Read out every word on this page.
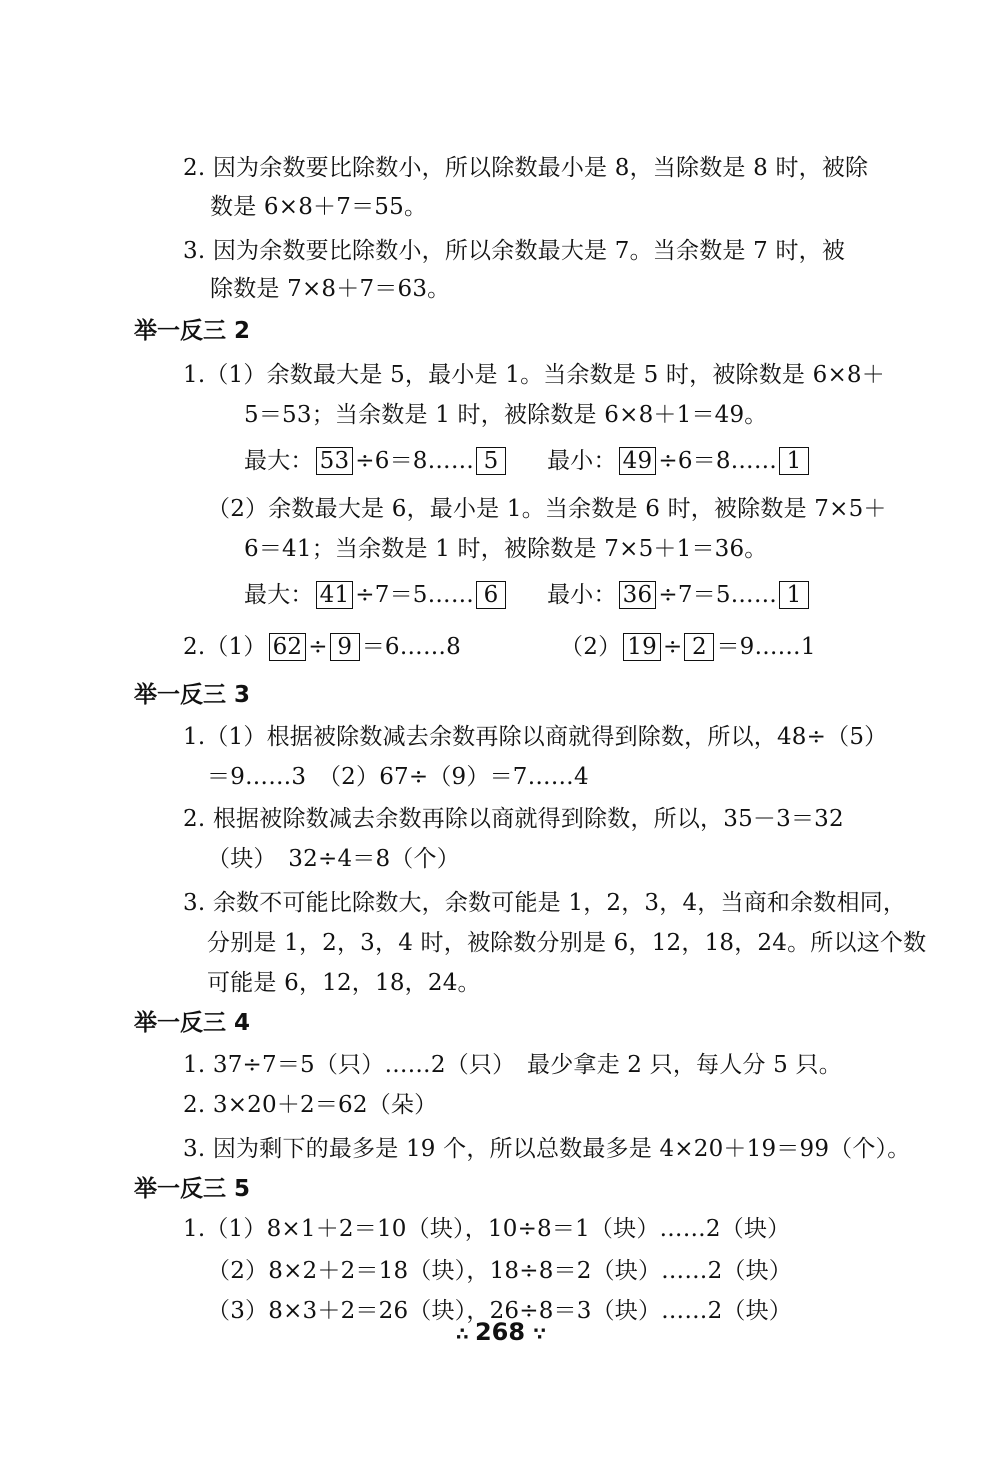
2. 因为余数要比除数小，所以除数最小是 8，当除数是 8 时，被除
数是 6×8＋7＝55。
3. 因为余数要比除数小，所以余数最大是 7。当余数是 7 时，被
除数是 7×8＋7＝63。
举一反三 2
1.（1）余数最大是 5，最小是 1。当余数是 5 时，被除数是 6×8＋
5＝53；当余数是 1 时，被除数是 6×8＋1＝49。
最大： 53 ÷6＝8…… 5 最小： 49 ÷6＝8…… 1
（2）余数最大是 6，最小是 1。当余数是 6 时，被除数是 7×5＋
6＝41；当余数是 1 时，被除数是 7×5＋1＝36。
最大： 41 ÷7＝5…… 6 最小： 36 ÷7＝5…… 1
2.（1） 62 ÷ 9 ＝6……8	（2） 19 ÷ 2 ＝9……1
举一反三 3
1.（1）根据被除数减去余数再除以商就得到除数，所以，48÷（5）
＝9……3　（2）67÷（9）＝7……4
2. 根据被除数减去余数再除以商就得到除数，所以，35－3＝32
（块）　32÷4＝8（个）
3. 余数不可能比除数大，余数可能是 1，2，3，4，当商和余数相同，
分别是 1，2，3，4 时，被除数分别是 6，12，18，24。所以这个数
可能是 6，12，18，24。
举一反三 4
1. 37÷7＝5（只）……2（只）　最少拿走 2 只，每人分 5 只。
2. 3×20＋2＝62（朵）
3. 因为剩下的最多是 19 个，所以总数最多是 4×20＋19＝99（个）。
举一反三 5
1.（1）8×1＋2＝10（块），10÷8＝1（块）……2（块）
（2）8×2＋2＝18（块），18÷8＝2（块）……2（块）
（3）8×3＋2＝26（块），26÷8＝3（块）……2（块）
∴ 268 ∵
